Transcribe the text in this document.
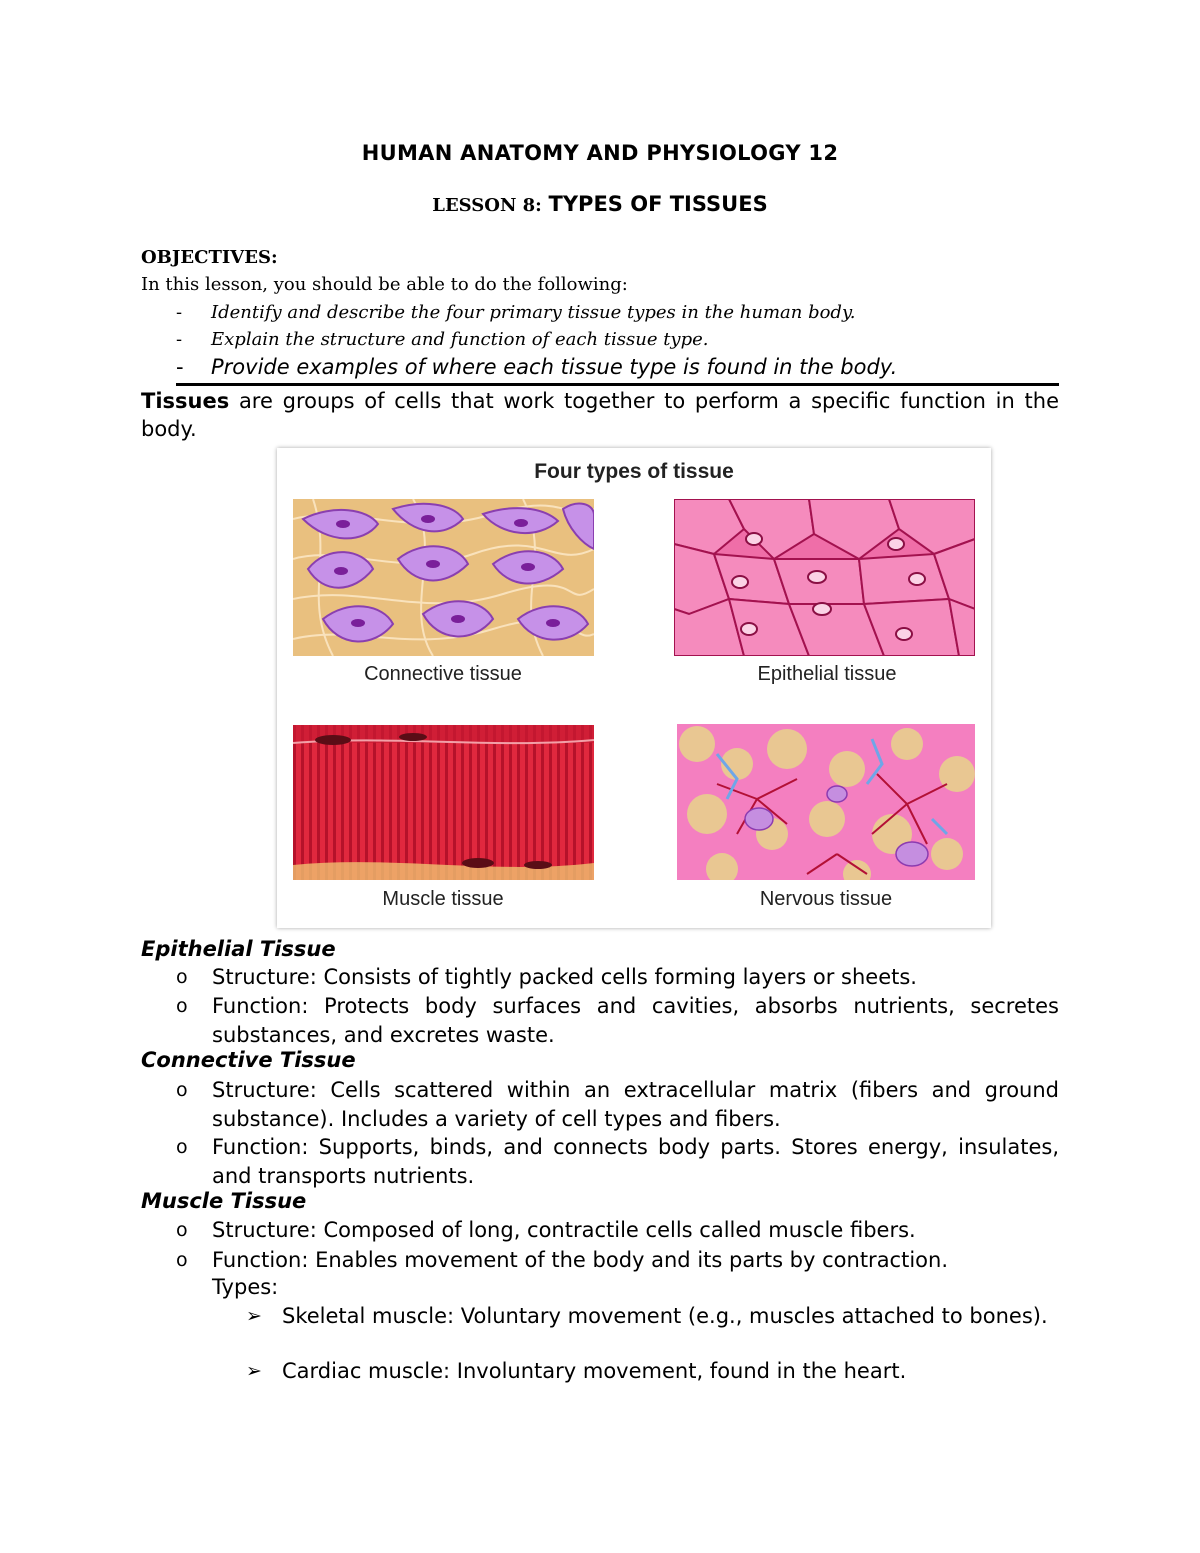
HUMAN ANATOMY AND PHYSIOLOGY 12
LESSON 8: TYPES OF TISSUES
OBJECTIVES:
In this lesson, you should be able to do the following:
- Identify and describe the four primary tissue types in the human body.
- Explain the structure and function of each tissue type.
- Provide examples of where each tissue type is found in the body.
Tissues are groups of cells that work together to perform a specific function in the body.
Four types of tissue
Connective tissue	Epithelial tissue
Muscle tissue	Nervous tissue
Epithelial Tissue
o	Structure: Consists of tightly packed cells forming layers or sheets.
o	Function: Protects body surfaces and cavities, absorbs nutrients, secretes substances, and excretes waste.
Connective Tissue
o	Structure: Cells scattered within an extracellular matrix (fibers and ground substance). Includes a variety of cell types and fibers.
o	Function: Supports, binds, and connects body parts. Stores energy, insulates, and transports nutrients.
Muscle Tissue
o	Structure: Composed of long, contractile cells called muscle fibers.
o	Function: Enables movement of the body and its parts by contraction.
Types:
➢ Skeletal muscle: Voluntary movement (e.g., muscles attached to bones).
➢ Cardiac muscle: Involuntary movement, found in the heart.
